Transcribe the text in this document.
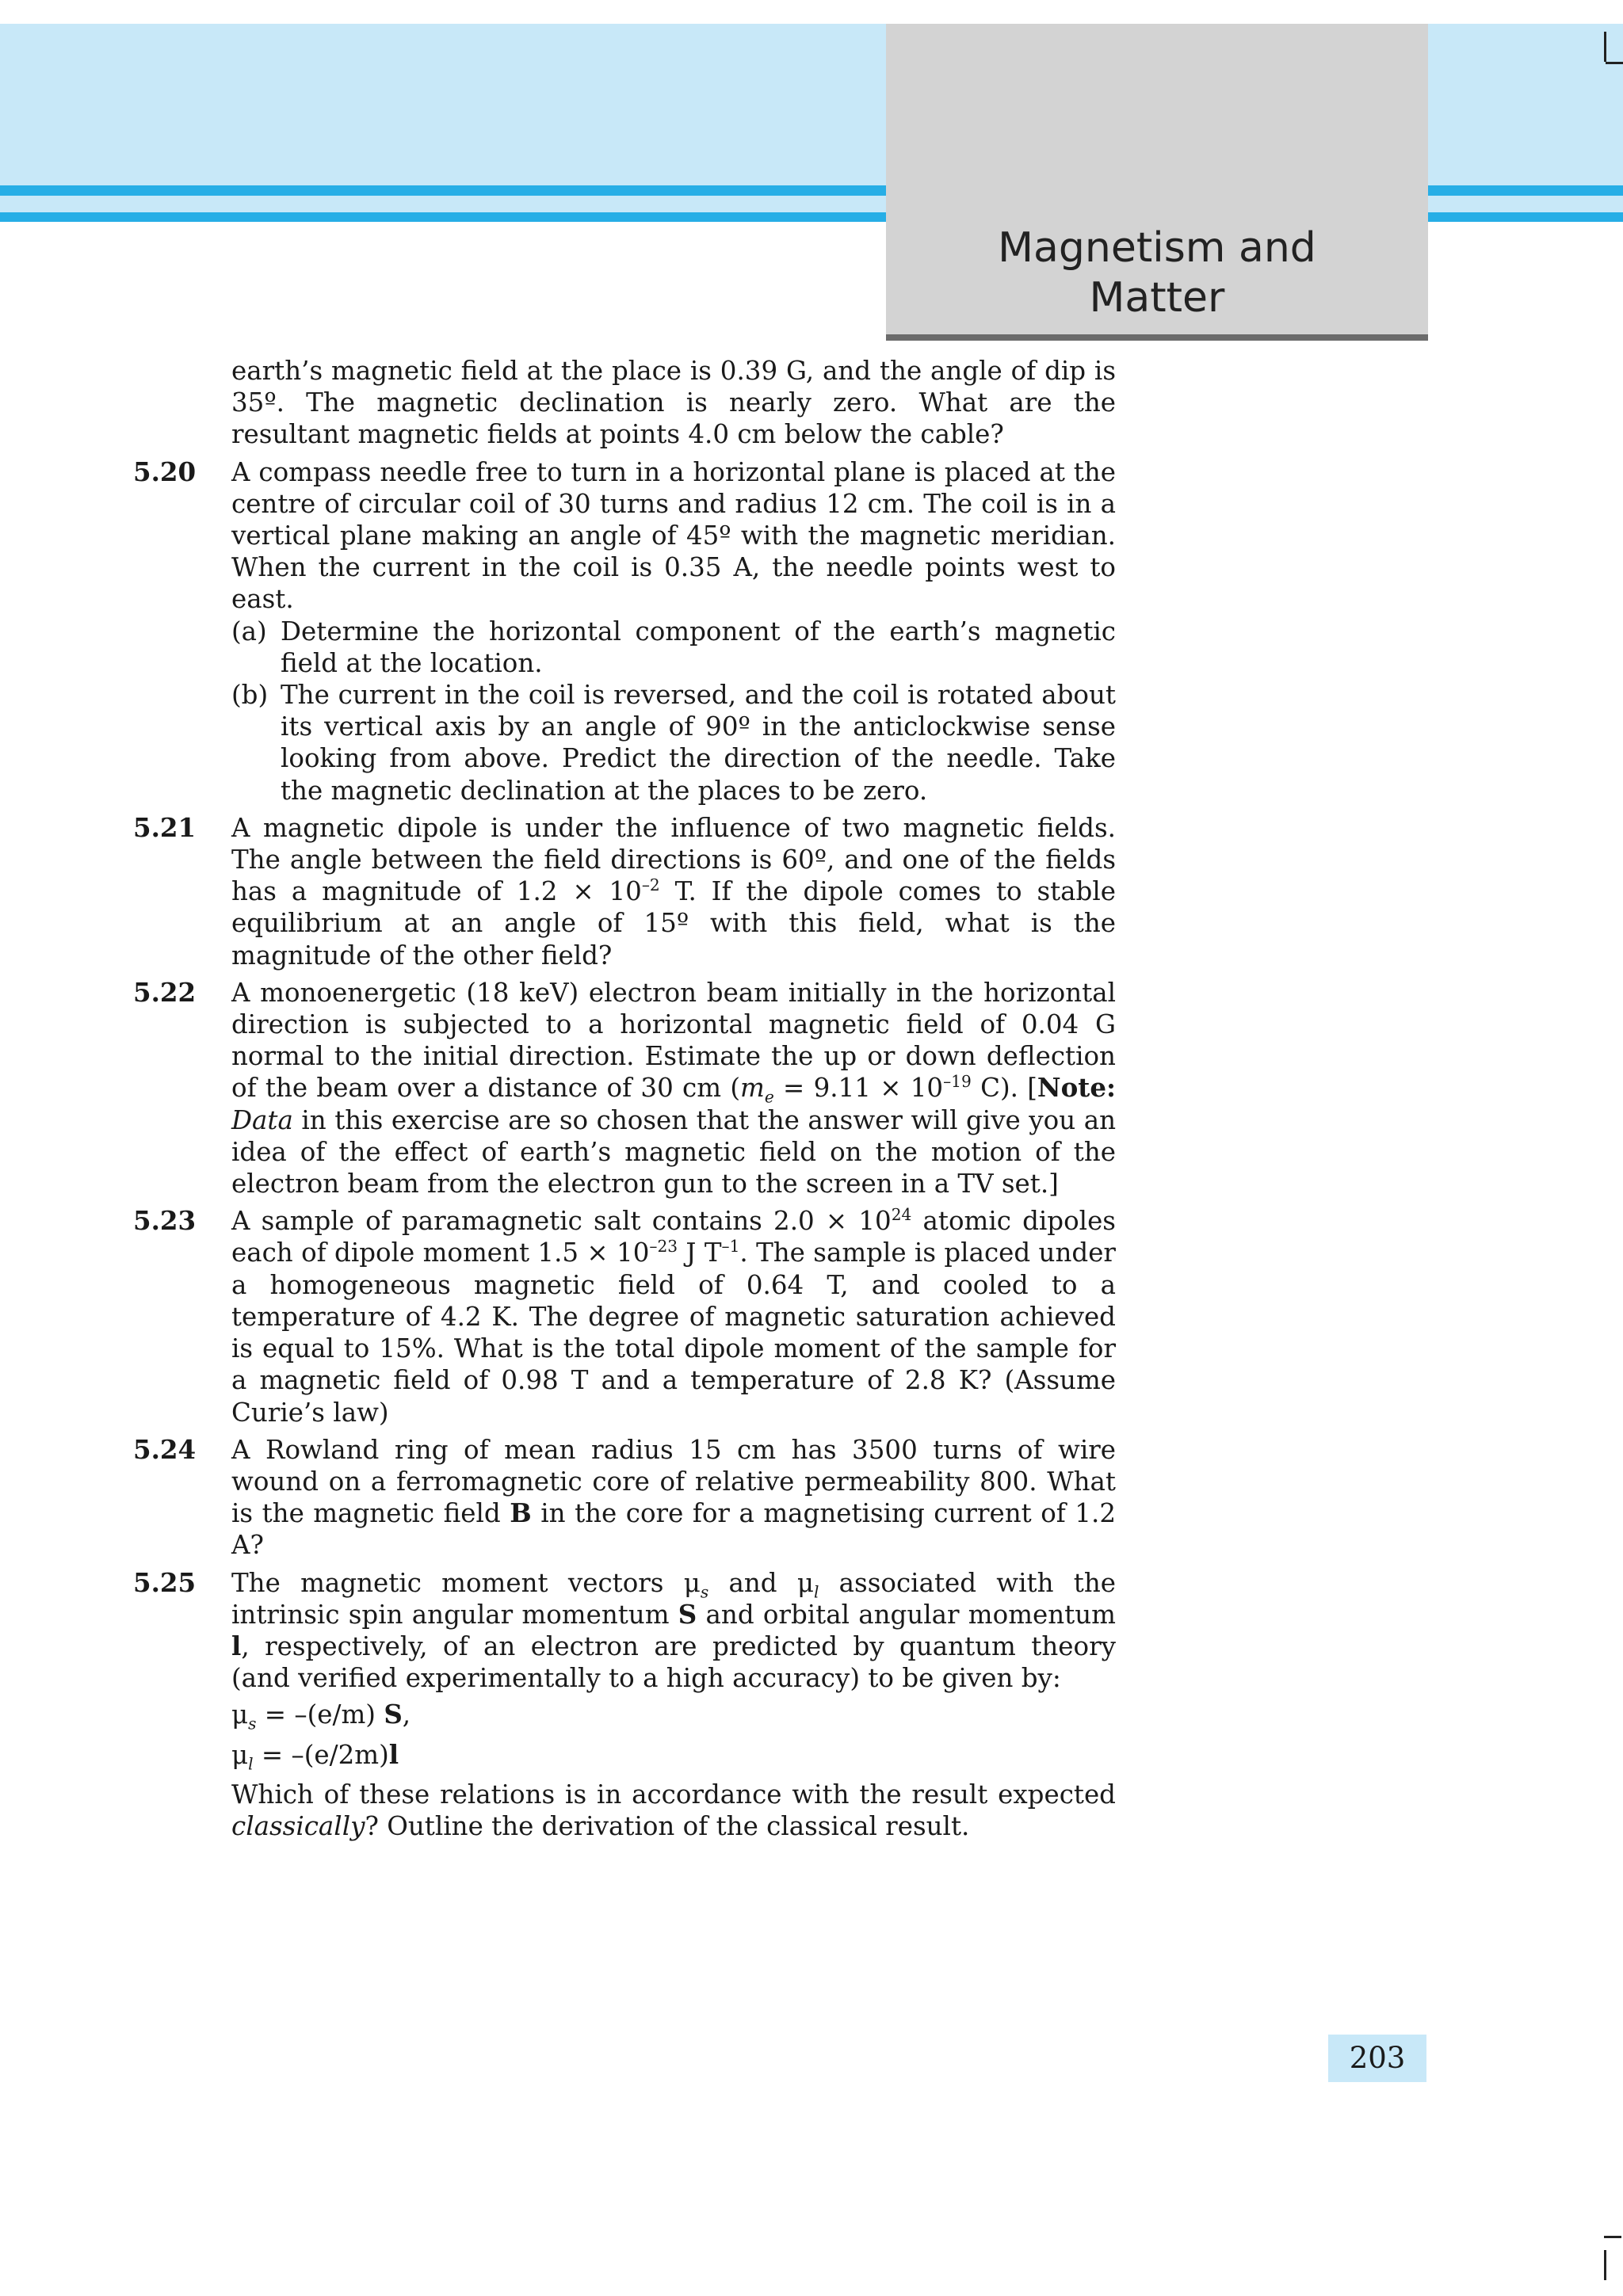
Magnetism and
Matter
earth’s magnetic field at the place is 0.39 G, and the angle of dip is 35º. The magnetic declination is nearly zero. What are the resultant magnetic fields at points 4.0 cm below the cable?
5.20 A compass needle free to turn in a horizontal plane is placed at the centre of circular coil of 30 turns and radius 12 cm. The coil is in a vertical plane making an angle of 45º with the magnetic meridian. When the current in the coil is 0.35 A, the needle points west to east.
(a) Determine the horizontal component of the earth’s magnetic field at the location.
(b) The current in the coil is reversed, and the coil is rotated about its vertical axis by an angle of 90º in the anticlockwise sense looking from above. Predict the direction of the needle. Take the magnetic declination at the places to be zero.
5.21 A magnetic dipole is under the influence of two magnetic fields. The angle between the field directions is 60º, and one of the fields has a magnitude of $1.2 \times 10^{-2}$ T. If the dipole comes to stable equilibrium at an angle of 15º with this field, what is the magnitude of the other field?
5.22 A monoenergetic (18 keV) electron beam initially in the horizontal direction is subjected to a horizontal magnetic field of 0.04 G normal to the initial direction. Estimate the up or down deflection of the beam over a distance of 30 cm ($m_e = 9.11 \times 10^{-19}$ C). [Note: Data in this exercise are so chosen that the answer will give you an idea of the effect of earth’s magnetic field on the motion of the electron beam from the electron gun to the screen in a TV set.]
5.23 A sample of paramagnetic salt contains $2.0 \times 10^{24}$ atomic dipoles each of dipole moment $1.5 \times 10^{-23}$ J $T^{-1}$. The sample is placed under a homogeneous magnetic field of 0.64 T, and cooled to a temperature of 4.2 K. The degree of magnetic saturation achieved is equal to 15%. What is the total dipole moment of the sample for a magnetic field of 0.98 T and a temperature of 2.8 K? (Assume Curie’s law)
5.24 A Rowland ring of mean radius 15 cm has 3500 turns of wire wound on a ferromagnetic core of relative permeability 800. What is the magnetic field B in the core for a magnetising current of 1.2 A?
5.25 The magnetic moment vectors $\mu_s$ and $\mu_l$ associated with the intrinsic spin angular momentum S and orbital angular momentum l, respectively, of an electron are predicted by quantum theory (and verified experimentally to a high accuracy) to be given by:
$\mu_s = -(e/m)$ S,
$\mu_l = -(e/2m)l$
Which of these relations is in accordance with the result expected classically? Outline the derivation of the classical result.
203
